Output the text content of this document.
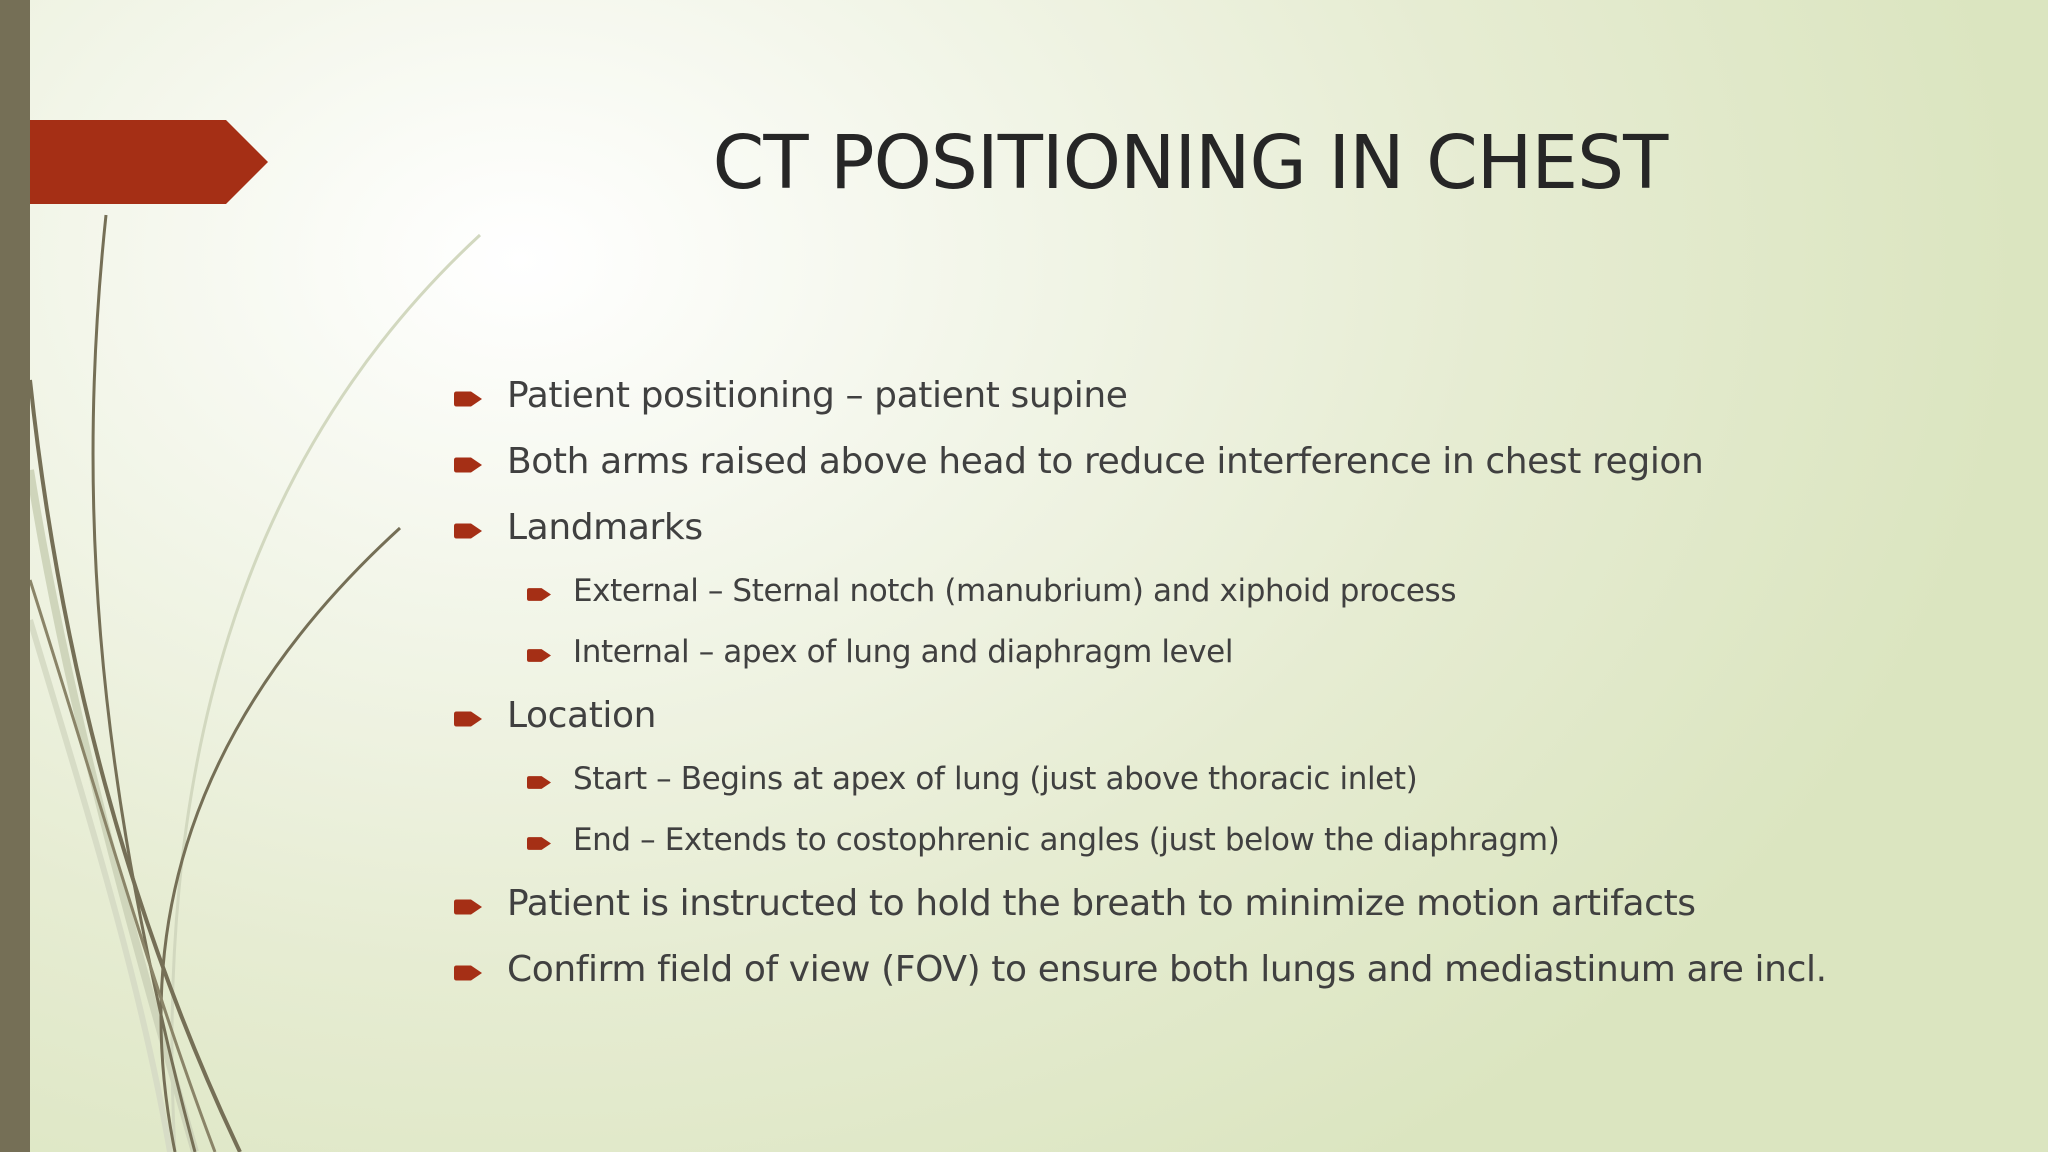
CT POSITIONING IN CHEST
Patient positioning – patient supine
Both arms raised above head to reduce interference in chest region
Landmarks
External – Sternal notch (manubrium) and xiphoid process
Internal – apex of lung and diaphragm level
Location
Start – Begins at apex of lung (just above thoracic inlet)
End – Extends to costophrenic angles (just below the diaphragm)
Patient is instructed to hold the breath to minimize motion artifacts
Confirm field of view (FOV) to ensure both lungs and mediastinum are incl.
